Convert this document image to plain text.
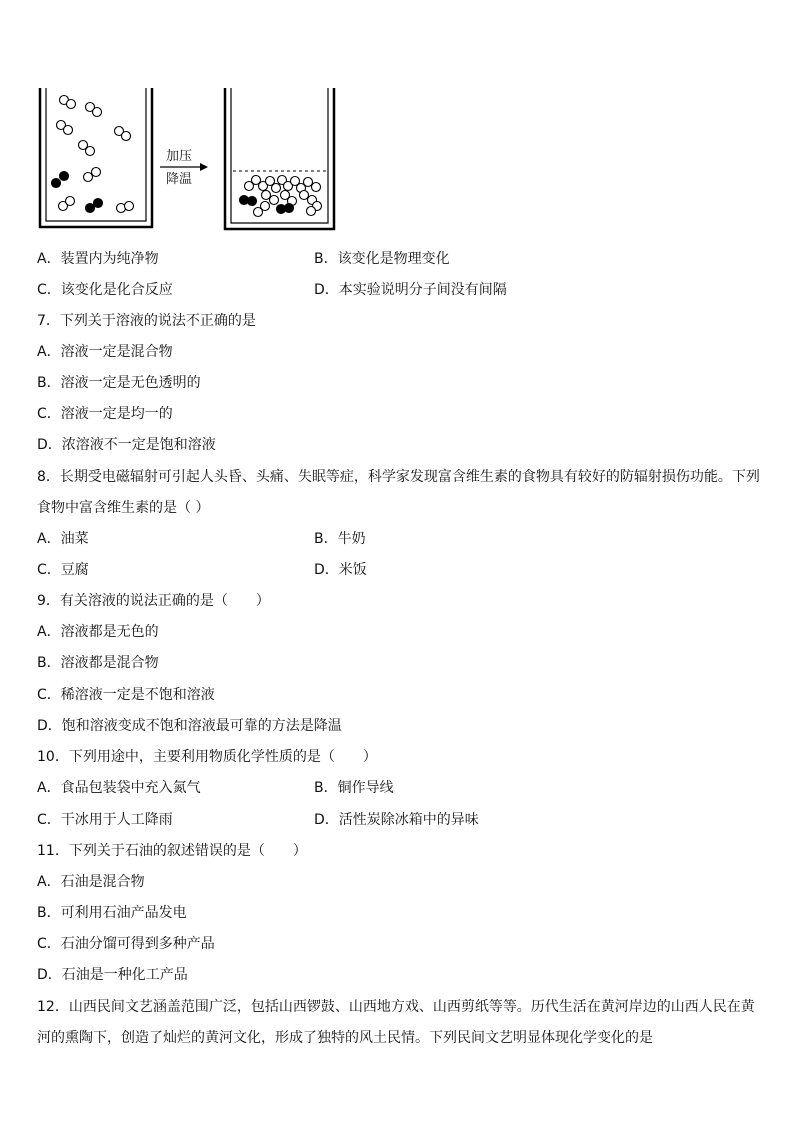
加压
降温
A．装置内为纯净物	B．该变化是物理变化
C．该变化是化合反应	D．本实验说明分子间没有间隔
7．下列关于溶液的说法不正确的是
A．溶液一定是混合物
B．溶液一定是无色透明的
C．溶液一定是均一的
D．浓溶液不一定是饱和溶液
8．长期受电磁辐射可引起人头昏、头痛、失眠等症，科学家发现富含维生素的食物具有较好的防辐射损伤功能。下列
食物中富含维生素的是（ ）
A．油菜	B．牛奶
C．豆腐	D．米饭
9．有关溶液的说法正确的是（　　）
A．溶液都是无色的
B．溶液都是混合物
C．稀溶液一定是不饱和溶液
D．饱和溶液变成不饱和溶液最可靠的方法是降温
10．下列用途中，主要利用物质化学性质的是（　　）
A．食品包装袋中充入氮气	B．铜作导线
C．干冰用于人工降雨	D．活性炭除冰箱中的异味
11．下列关于石油的叙述错误的是（　　）
A．石油是混合物
B．可利用石油产品发电
C．石油分馏可得到多种产品
D．石油是一种化工产品
12．山西民间文艺涵盖范围广泛，包括山西锣鼓、山西地方戏、山西剪纸等等。历代生活在黄河岸边的山西人民在黄
河的熏陶下，创造了灿烂的黄河文化，形成了独特的风土民情。下列民间文艺明显体现化学变化的是
